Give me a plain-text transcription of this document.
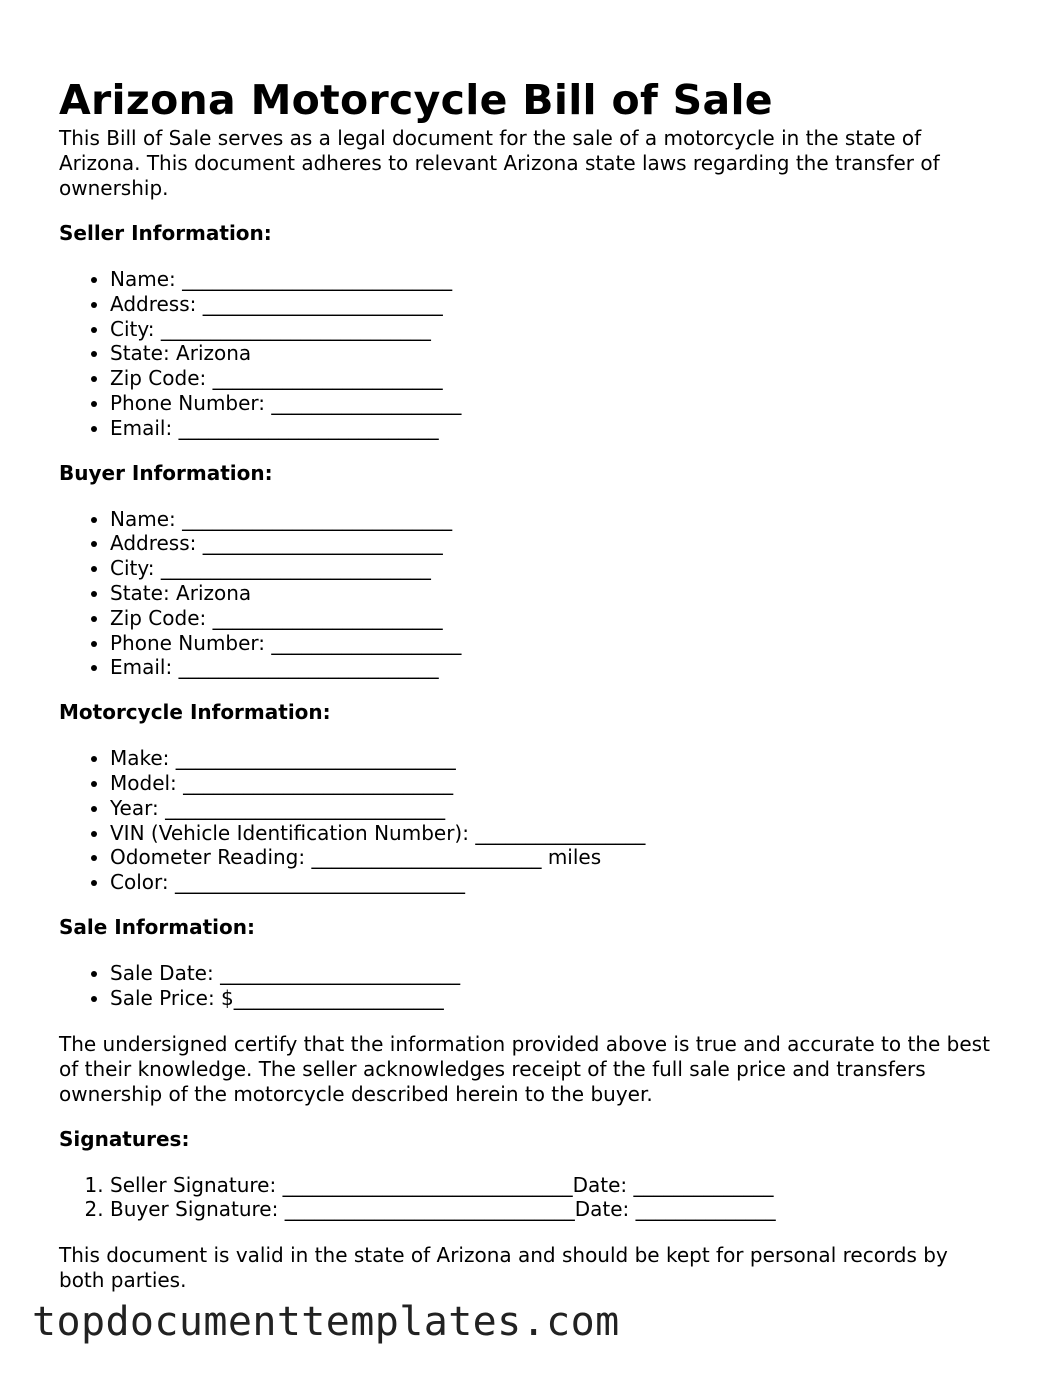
Arizona Motorcycle Bill of Sale

This Bill of Sale serves as a legal document for the sale of a motorcycle in the state of Arizona. This document adheres to relevant Arizona state laws regarding the transfer of ownership.

Seller Information:

• Name: ___________________________
• Address: ________________________
• City: ___________________________
• State: Arizona
• Zip Code: _______________________
• Phone Number: ___________________
• Email: __________________________

Buyer Information:

• Name: ___________________________
• Address: ________________________
• City: ___________________________
• State: Arizona
• Zip Code: _______________________
• Phone Number: ___________________
• Email: __________________________

Motorcycle Information:

• Make: ____________________________
• Model: ___________________________
• Year: ____________________________
• VIN (Vehicle Identification Number): _________________
• Odometer Reading: _______________________ miles
• Color: _____________________________

Sale Information:

• Sale Date: ________________________
• Sale Price: $_____________________

The undersigned certify that the information provided above is true and accurate to the best of their knowledge. The seller acknowledges receipt of the full sale price and transfers ownership of the motorcycle described herein to the buyer.

Signatures:

1. Seller Signature: _____________________________Date: ______________
2. Buyer Signature: _____________________________Date: ______________

This document is valid in the state of Arizona and should be kept for personal records by both parties.

topdocumenttemplates.com
